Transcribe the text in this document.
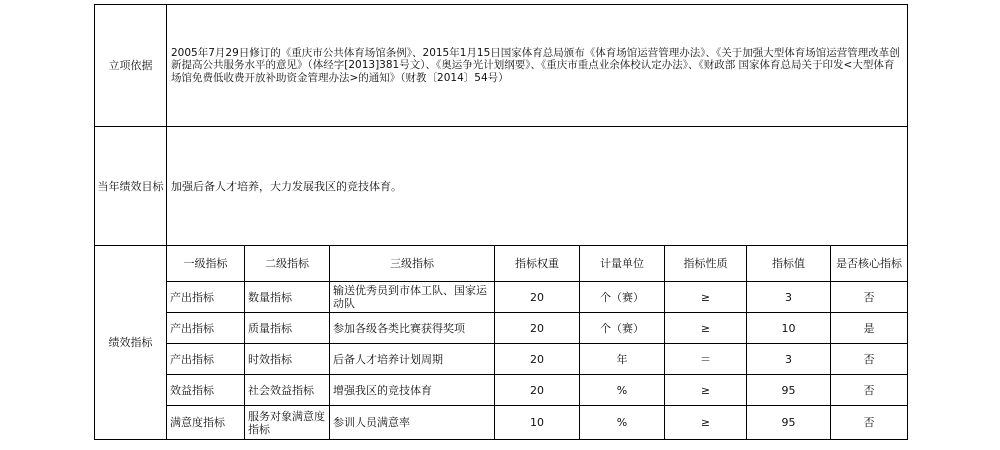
立项依据	2005年7月29日修订的《重庆市公共体育场馆条例》、2015年1月15日国家体育总局颁布《体育场馆运营管理办法》、《关于加强大型体育场馆运营管理改革创新提高公共服务水平的意见》（体经字[2013]381号文）、《奥运争光计划纲要》、《重庆市重点业余体校认定办法》、《财政部 国家体育总局关于印发<大型体育场馆免费低收费开放补助资金管理办法>的通知》（财教〔2014〕54号）							
当年绩效目标	加强后备人才培养，大力发展我区的竞技体育。							
绩效指标	一级指标	二级指标	三级指标	指标权重	计量单位	指标性质	指标值	是否核心指标
	产出指标	数量指标	输送优秀员到市体工队、国家运动队	20	个（赛）	≥	3	否
	产出指标	质量指标	参加各级各类比赛获得奖项	20	个（赛）	≥	10	是
	产出指标	时效指标	后备人才培养计划周期	20	年	＝	3	否
	效益指标	社会效益指标	增强我区的竞技体育	20	%	≥	95	否
	满意度指标	服务对象满意度指标	参训人员满意率	10	%	≥	95	否
